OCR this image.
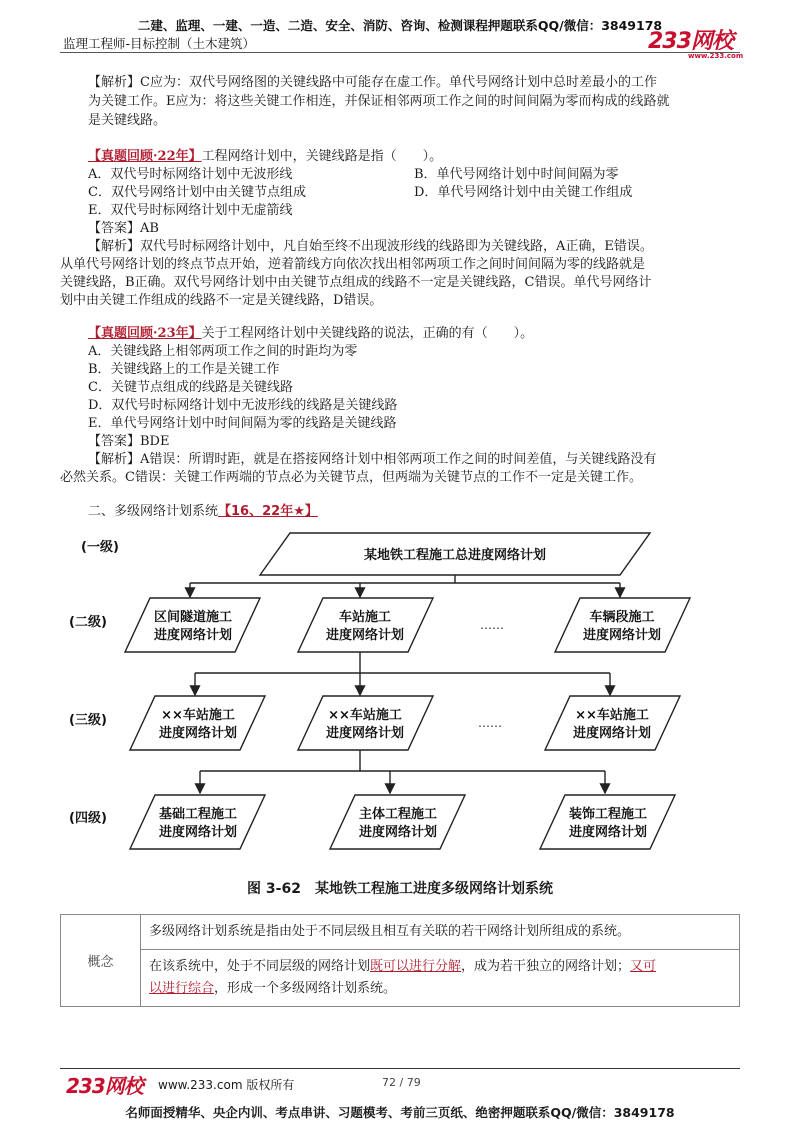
二建、监理、一建、一造、二造、安全、消防、咨询、检测课程押题联系QQ/微信：3849178
监理工程师-目标控制（土木建筑）	233网校
www.233.com
【解析】C应为：双代号网络图的关键线路中可能存在虚工作。单代号网络计划中总时差最小的工作
为关键工作。E应为：将这些关键工作相连，并保证相邻两项工作之间的时间间隔为零而构成的线路就
是关键线路。
【真题回顾·22年】工程网络计划中，关键线路是指（　　）。
A．双代号时标网络计划中无波形线	B．单代号网络计划中时间间隔为零
C．双代号网络计划中由关键节点组成	D．单代号网络计划中由关键工作组成
E．双代号时标网络计划中无虚箭线
【答案】AB
【解析】双代号时标网络计划中，凡自始至终不出现波形线的线路即为关键线路，A正确，E错误。
从单代号网络计划的终点节点开始，逆着箭线方向依次找出相邻两项工作之间时间间隔为零的线路就是
关键线路，B正确。双代号网络计划中由关键节点组成的线路不一定是关键线路，C错误。单代号网络计
划中由关键工作组成的线路不一定是关键线路，D错误。
【真题回顾·23年】关于工程网络计划中关键线路的说法，正确的有（　　）。
A．关键线路上相邻两项工作之间的时距均为零
B．关键线路上的工作是关键工作
C．关键节点组成的线路是关键线路
D．双代号时标网络计划中无波形线的线路是关键线路
E．单代号网络计划中时间间隔为零的线路是关键线路
【答案】BDE
【解析】A错误：所谓时距，就是在搭接网络计划中相邻两项工作之间的时间差值，与关键线路没有
必然关系。C错误：关键工作两端的节点必为关键节点，但两端为关键节点的工作不一定是关键工作。
二、多级网络计划系统【16、22年★】
(一级)
(二级)
(三级)
(四级)
某地铁工程施工总进度网络计划
区间隧道施工
进度网络计划
车站施工
进度网络计划
车辆段施工
进度网络计划
××车站施工
进度网络计划
××车站施工
进度网络计划
××车站施工
进度网络计划
基础工程施工
进度网络计划
主体工程施工
进度网络计划
装饰工程施工
进度网络计划
……
……
图 3-62　某地铁工程施工进度多级网络计划系统
概念	多级网络计划系统是指由处于不同层级且相互有关联的若干网络计划所组成的系统。
在该系统中，处于不同层级的网络计划既可以进行分解，成为若干独立的网络计划；又可
以进行综合，形成一个多级网络计划系统。
233网校 www.233.com 版权所有	72 / 79
名师面授精华、央企内训、考点串讲、习题模考、考前三页纸、绝密押题联系QQ/微信：3849178
